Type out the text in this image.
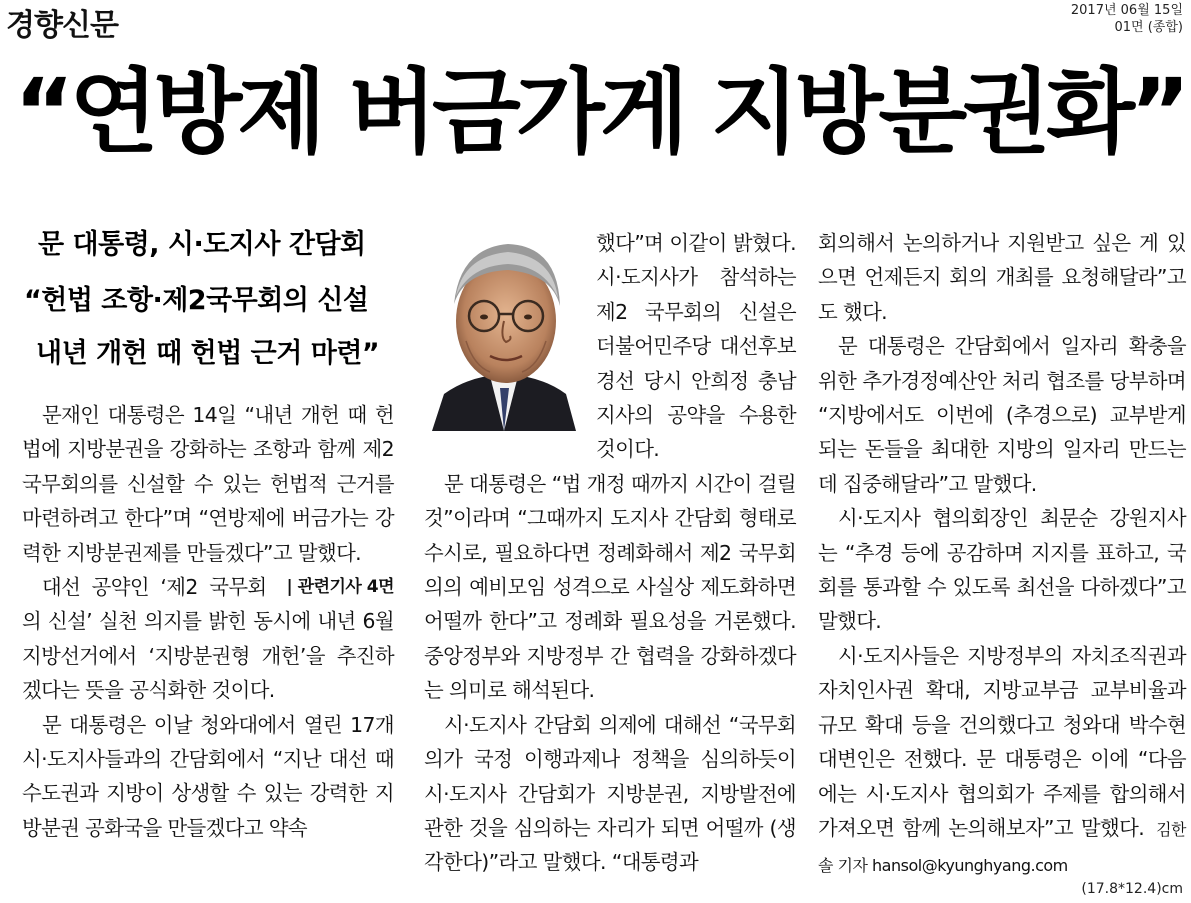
경향신문	2017년 06월 15일
01면 (종합)
“연방제 버금가게 지방분권화”
문 대통령, 시·도지사 간담회
“헌법 조항·제2국무회의 신설
내년 개헌 때 헌법 근거 마련”

문재인 대통령은 14일 “내년 개헌 때 헌법에 지방분권을 강화하는 조항과 함께 제2 국무회의를 신설할 수 있는 헌법적 근거를 마련하려고 한다”며 “연방제에 버금가는 강력한 지방분권제를 만들겠다”고 말했다.
| 관련기사 4면

대선 공약인 ‘제2 국무회의 신설’ 실천 의지를 밝힌 동시에 내년 6월 지방선거에서 ‘지방분권형 개헌’을 추진하겠다는 뜻을 공식화한 것이다.

문 대통령은 이날 청와대에서 열린 17개 시·도지사들과의 간담회에서 “지난 대선 때 수도권과 지방이 상생할 수 있는 강력한 지방분권 공화국을 만들겠다고 약속

했다”며 이같이 밝혔다. 시·도지사가 참석하는 제2 국무회의 신설은 더불어민주당 대선후보경선 당시 안희정 충남지사의 공약을 수용한 것이다.

문 대통령은 “법 개정 때까지 시간이 걸릴 것”이라며 “그때까지 도지사 간담회 형태로 수시로, 필요하다면 정례화해서 제2 국무회의의 예비모임 성격으로 사실상 제도화하면 어떨까 한다”고 정례화 필요성을 거론했다. 중앙정부와 지방정부 간 협력을 강화하겠다는 의미로 해석된다.

시·도지사 간담회 의제에 대해선 “국무회의가 국정 이행과제나 정책을 심의하듯이 시·도지사 간담회가 지방분권, 지방발전에 관한 것을 심의하는 자리가 되면 어떨까 (생각한다)”라고 말했다. “대통령과

회의해서 논의하거나 지원받고 싶은 게 있으면 언제든지 회의 개최를 요청해달라”고도 했다.

문 대통령은 간담회에서 일자리 확충을 위한 추가경정예산안 처리 협조를 당부하며 “지방에서도 이번에 (추경으로) 교부받게 되는 돈들을 최대한 지방의 일자리 만드는 데 집중해달라”고 말했다.

시·도지사 협의회장인 최문순 강원지사는 “추경 등에 공감하며 지지를 표하고, 국회를 통과할 수 있도록 최선을 다하겠다”고 말했다.

시·도지사들은 지방정부의 자치조직권과 자치인사권 확대, 지방교부금 교부비율과 규모 확대 등을 건의했다고 청와대 박수현 대변인은 전했다. 문 대통령은 이에 “다음에는 시·도지사 협의회가 주제를 합의해서 가져오면 함께 논의해보자”고 말했다. 김한솔 기자 hansol@kyunghyang.com

(17.8*12.4)cm
